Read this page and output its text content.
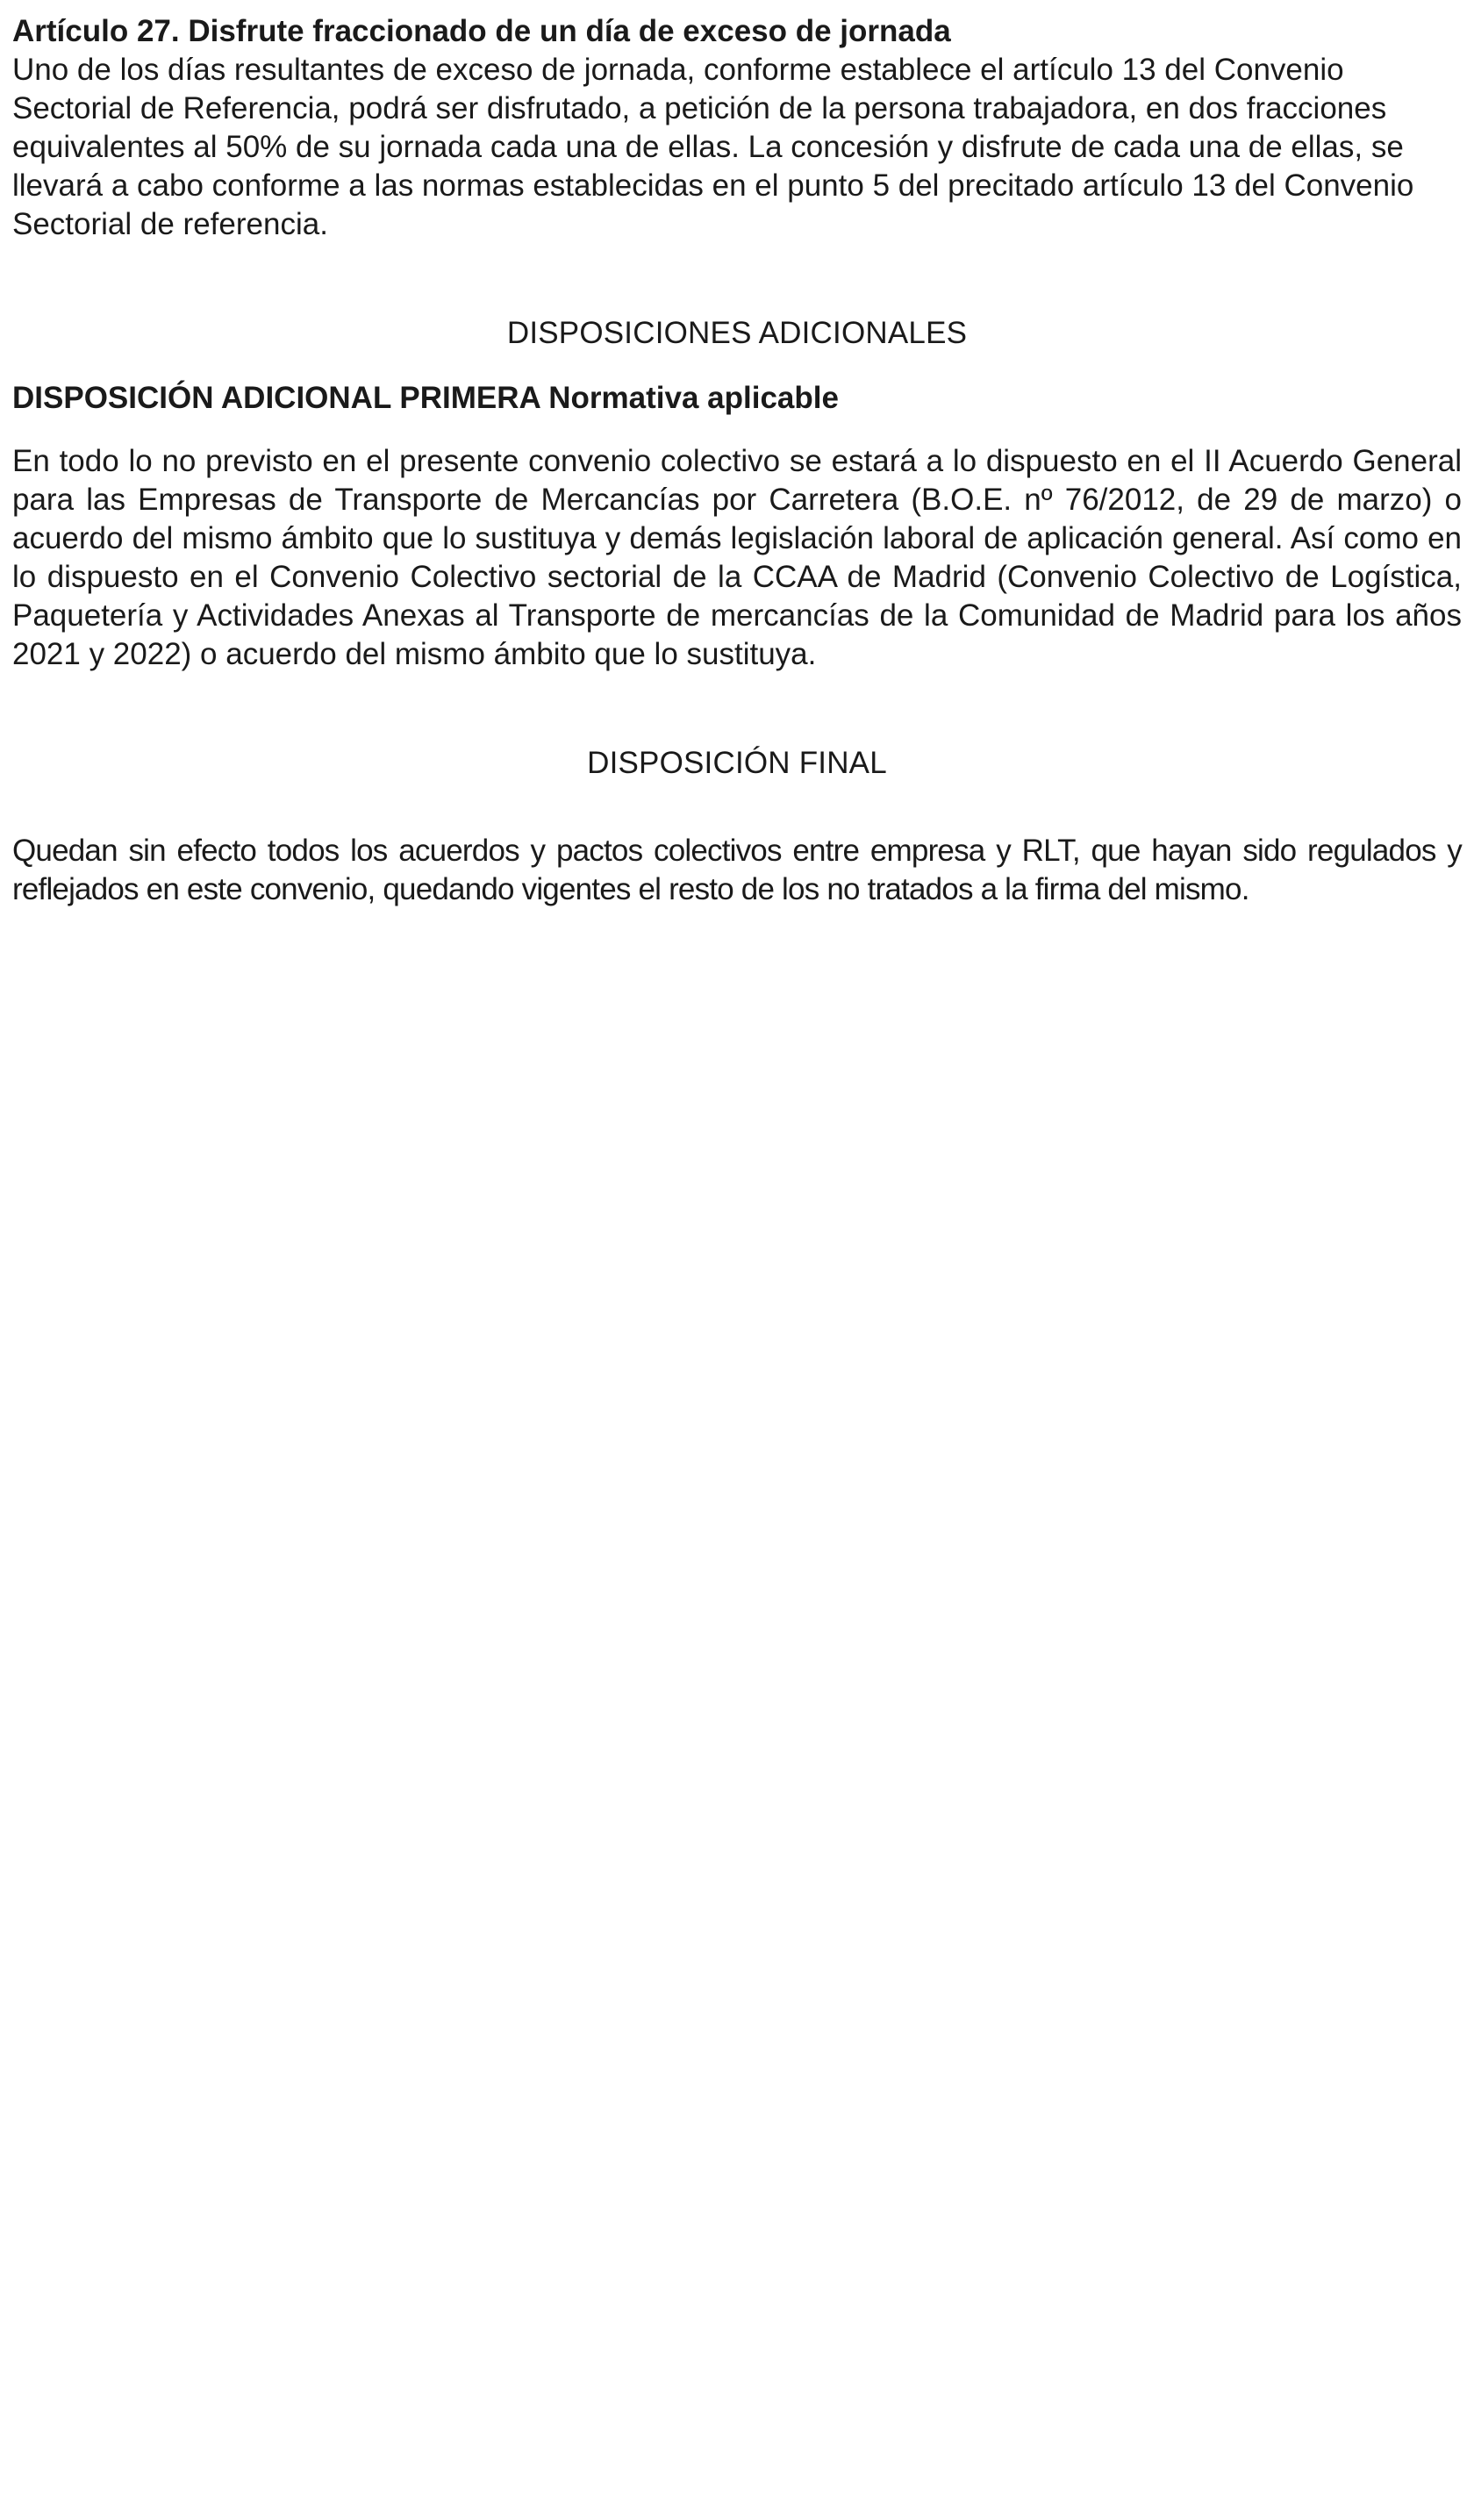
Artículo 27. Disfrute fraccionado de un día de exceso de jornada

Uno de los días resultantes de exceso de jornada, conforme establece el artículo 13 del Convenio Sectorial de Referencia, podrá ser disfrutado, a petición de la persona trabajadora, en dos fracciones equivalentes al 50% de su jornada cada una de ellas. La concesión y disfrute de cada una de ellas, se llevará a cabo conforme a las normas establecidas en el punto 5 del precitado artículo 13 del Convenio Sectorial de referencia.

DISPOSICIONES ADICIONALES

DISPOSICIÓN ADICIONAL PRIMERA Normativa aplicable

En todo lo no previsto en el presente convenio colectivo se estará a lo dispuesto en el II Acuerdo General para las Empresas de Transporte de Mercancías por Carretera (B.O.E. nº 76/2012, de 29 de marzo) o acuerdo del mismo ámbito que lo sustituya y demás legislación laboral de aplicación general. Así como en lo dispuesto en el Convenio Colectivo sectorial de la CCAA de Madrid (Convenio Colectivo de Logística, Paquetería y Actividades Anexas al Transporte de mercancías de la Comunidad de Madrid para los años 2021 y 2022) o acuerdo del mismo ámbito que lo sustituya.

DISPOSICIÓN FINAL

Quedan sin efecto todos los acuerdos y pactos colectivos entre empresa y RLT, que hayan sido regulados y reflejados en este convenio, quedando vigentes el resto de los no tratados a la firma del mismo.
